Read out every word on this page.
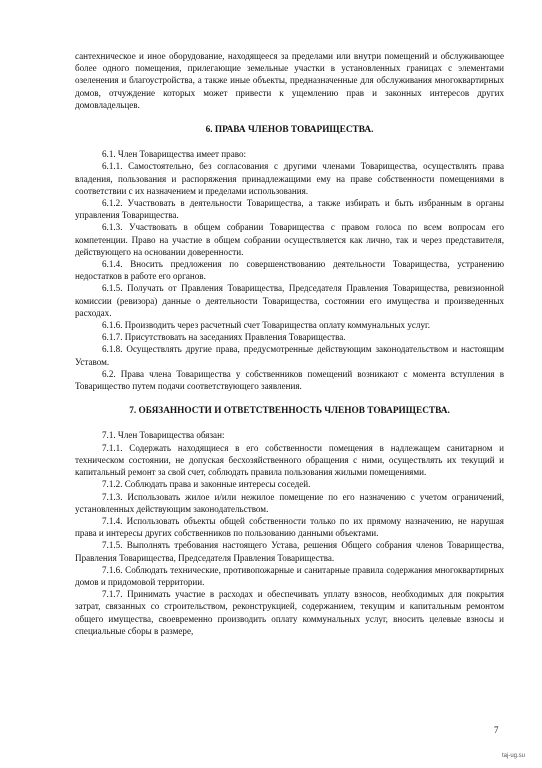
сантехническое и иное оборудование, находящееся за пределами или внутри помещений и обслуживающее более одного помещения, прилегающие земельные участки в установленных границах с элементами озеленения и благоустройства, а также иные объекты, предназначенные для обслуживания многоквартирных домов, отчуждение которых может привести к ущемлению прав и законных интересов других домовладельцев.

6. ПРАВА ЧЛЕНОВ ТОВАРИЩЕСТВА.

6.1. Член Товарищества имеет право:

6.1.1. Самостоятельно, без согласования с другими членами Товарищества, осуществлять права владения, пользования и распоряжения принадлежащими ему на праве собственности помещениями в соответствии с их назначением и пределами использования.

6.1.2. Участвовать в деятельности Товарищества, а также избирать и быть избранным в органы управления Товарищества.

6.1.3. Участвовать в общем собрании Товарищества с правом голоса по всем вопросам его компетенции. Право на участие в общем собрании осуществляется как лично, так и через представителя, действующего на основании доверенности.

6.1.4. Вносить предложения по совершенствованию деятельности Товарищества, устранению недостатков в работе его органов.

6.1.5. Получать от Правления Товарищества, Председателя Правления Товарищества, ревизионной комиссии (ревизора) данные о деятельности Товарищества, состоянии его имущества и произведенных расходах.

6.1.6. Производить через расчетный счет Товарищества оплату коммунальных услуг.

6.1.7. Присутствовать на заседаниях Правления Товарищества.

6.1.8. Осуществлять другие права, предусмотренные действующим законодательством и настоящим Уставом.

6.2. Права члена Товарищества у собственников помещений возникают с момента вступления в Товарищество путем подачи соответствующего заявления.

7. ОБЯЗАННОСТИ И ОТВЕТСТВЕННОСТЬ ЧЛЕНОВ ТОВАРИЩЕСТВА.

7.1. Член Товарищества обязан:

7.1.1. Содержать находящиеся в его собственности помещения в надлежащем санитарном и техническом состоянии, не допуская бесхозяйственного обращения с ними, осуществлять их текущий и капитальный ремонт за свой счет, соблюдать правила пользования жилыми помещениями.

7.1.2. Соблюдать права и законные интересы соседей.

7.1.3. Использовать жилое и/или нежилое помещение по его назначению с учетом ограничений, установленных действующим законодательством.

7.1.4. Использовать объекты общей собственности только по их прямому назначению, не нарушая права и интересы других собственников по пользованию данными объектами.

7.1.5. Выполнять требования настоящего Устава, решения Общего собрания членов Товарищества, Правления Товарищества, Председателя Правления Товарищества.

7.1.6. Соблюдать технические, противопожарные и санитарные правила содержания многоквартирных домов и придомовой территории.

7.1.7. Принимать участие в расходах и обеспечивать уплату взносов, необходимых для покрытия затрат, связанных со строительством, реконструкцией, содержанием, текущим и капитальным ремонтом общего имущества, своевременно производить оплату коммунальных услуг, вносить целевые взносы и специальные сборы в размере,

7
taj-ug.su
